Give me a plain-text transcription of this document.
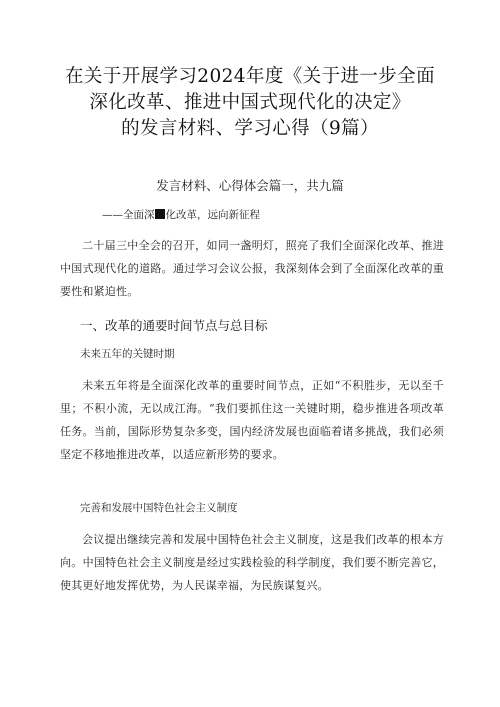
在关于开展学习2024年度《关于进一步全面
深化改革、推进中国式现代化的决定》
的发言材料、学习心得（9篇）
发言材料、心得体会篇一，共九篇
——全面深 化改革，远向新征程

二十届三中全会的召开，如同一盏明灯，照亮了我们全面深化改革、推进中国式现代化的道路。通过学习会议公报，我深刻体会到了全面深化改革的重要性和紧迫性。

一、改革的通要时间节点与总目标
未来五年的关键时期

未来五年将是全面深化改革的重要时间节点，正如“不积胜步，无以至千里；不积小流，无以成江海。“我们要抓住这一关键时期，稳步推进各项改革任务。当前，国际形势复杂多变，国内经济发展也面临着诸多挑战，我们必须坚定不移地推进改革，以适应新形势的要求。

完善和发展中国特色社会主义制度

会议提出继续完善和发展中国特色社会主义制度，这是我们改革的根本方向。中国特色社会主义制度是经过实践检验的科学制度，我们要不断完善它，使其更好地发挥优势，为人民谋幸福，为民族谋复兴。
